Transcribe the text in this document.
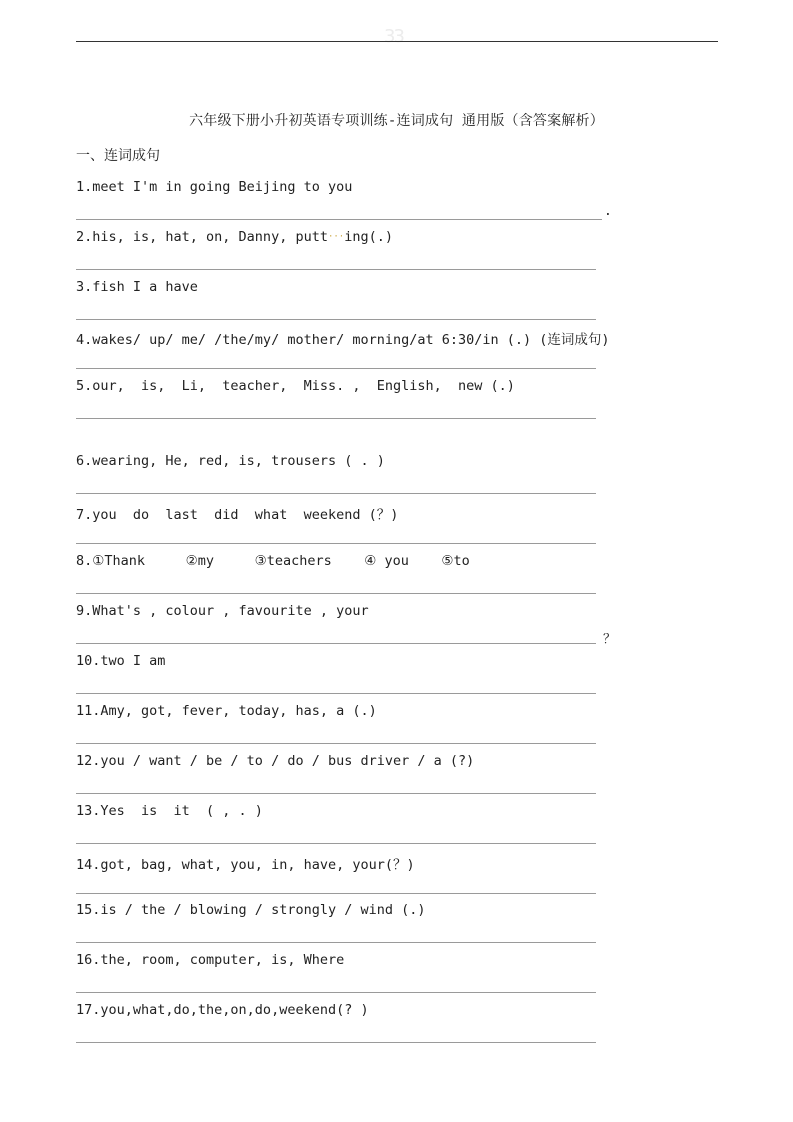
33
六年级下册小升初英语专项训练-连词成句 通用版（含答案解析）
一、连词成句
1.meet I'm in going Beijing to you
.
2.his, is, hat, on, Danny, putt···ing(.)
3.fish I a have
4.wakes/ up/ me/ /the/my/ mother/ morning/at 6:30/in (.) (连词成句)
5.our,  is,  Li,  teacher,  Miss. ,  English,  new (.)
6.wearing, He, red, is, trousers ( . )
7.you  do  last  did  what  weekend (？)
8.①Thank     ②my     ③teachers    ④ you    ⑤to
9.What's , colour , favourite , your
？
10.two I am
11.Amy, got, fever, today, has, a (.)
12.you / want / be / to / do / bus driver / a (?)
13.Yes  is  it  ( , . )
14.got, bag, what, you, in, have, your(？)
15.is / the / blowing / strongly / wind (.)
16.the, room, computer, is, Where
17.you,what,do,the,on,do,weekend(? )
